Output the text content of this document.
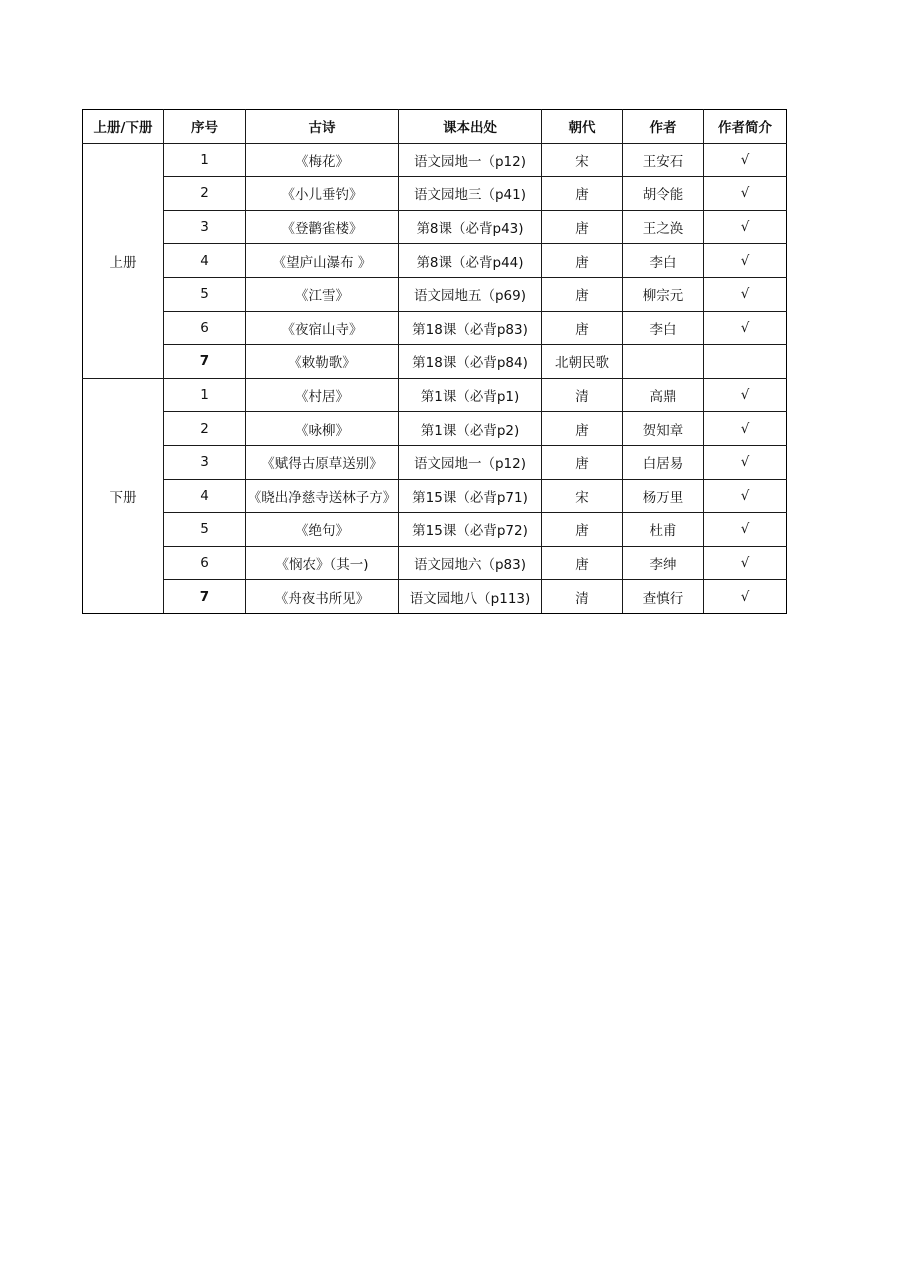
上册/下册	序号	古诗	课本出处	朝代	作者	作者简介
上册	1	《梅花》	语文园地一（p12)	宋	王安石	√
	2	《小儿垂钓》	语文园地三（p41)	唐	胡令能	√
	3	《登鹳雀楼》	第8课（必背p43)	唐	王之涣	√
	4	《望庐山瀑布 》	第8课（必背p44)	唐	李白	√
	5	《江雪》	语文园地五（p69)	唐	柳宗元	√
	6	《夜宿山寺》	第18课（必背p83)	唐	李白	√
	7	《敕勒歌》	第18课（必背p84)	北朝民歌		
下册	1	《村居》	第1课（必背p1)	清	高鼎	√
	2	《咏柳》	第1课（必背p2)	唐	贺知章	√
	3	《赋得古原草送别》	语文园地一（p12)	唐	白居易	√
	4	《晓出净慈寺送林子方》	第15课（必背p71)	宋	杨万里	√
	5	《绝句》	第15课（必背p72)	唐	杜甫	√
	6	《悯农》（其一)	语文园地六（p83)	唐	李绅	√
	7	《舟夜书所见》	语文园地八（p113)	清	查慎行	√
